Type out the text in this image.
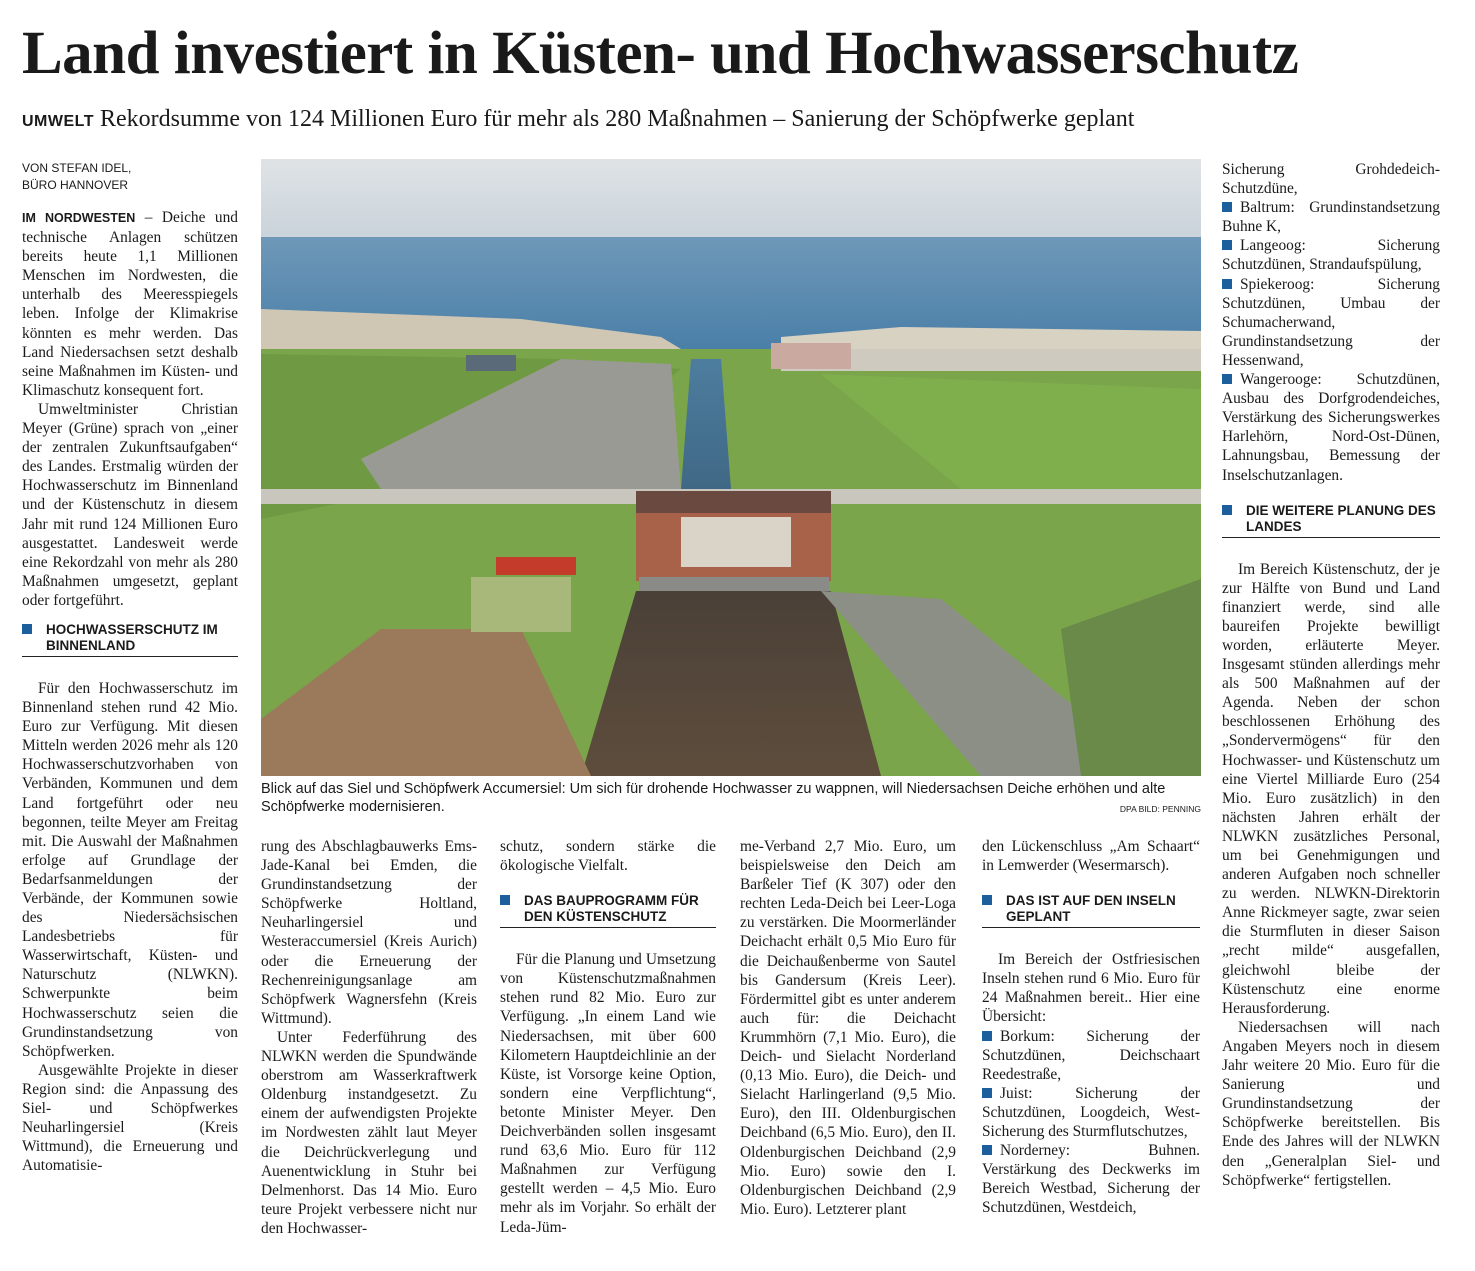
Land investiert in Küsten- und Hochwasserschutz
UMWELT Rekordsumme von 124 Millionen Euro für mehr als 280 Maßnahmen – Sanierung der Schöpfwerke geplant
VON STEFAN IDEL,
BÜRO HANNOVER

IM NORDWESTEN – Deiche und technische Anlagen schützen bereits heute 1,1 Millionen Menschen im Nordwesten, die unterhalb des Meeresspiegels leben. Infolge der Klimakrise könnten es mehr werden. Das Land Niedersachsen setzt deshalb seine Maßnahmen im Küsten- und Klimaschutz konsequent fort.

Umweltminister Christian Meyer (Grüne) sprach von „einer der zentralen Zukunftsaufgaben“ des Landes. Erstmalig würden der Hochwasserschutz im Binnenland und der Küstenschutz in diesem Jahr mit rund 124 Millionen Euro ausgestattet. Landesweit werde eine Rekordzahl von mehr als 280 Maßnahmen umgesetzt, geplant oder fortgeführt.

HOCHWASSERSCHUTZ IM BINNENLAND

Für den Hochwasserschutz im Binnenland stehen rund 42 Mio. Euro zur Verfügung. Mit diesen Mitteln werden 2026 mehr als 120 Hochwasserschutzvorhaben von Verbänden, Kommunen und dem Land fortgeführt oder neu begonnen, teilte Meyer am Freitag mit. Die Auswahl der Maßnahmen erfolge auf Grundlage der Bedarfsanmeldungen der Verbände, der Kommunen sowie des Niedersächsischen Landesbetriebs für Wasserwirtschaft, Küsten- und Naturschutz (NLWKN). Schwerpunkte beim Hochwasserschutz seien die Grundinstandsetzung von Schöpfwerken.

Ausgewählte Projekte in dieser Region sind: die Anpassung des Siel- und Schöpfwerkes Neuharlingersiel (Kreis Wittmund), die Erneuerung und Automatisie-

Blick auf das Siel und Schöpfwerk Accumersiel: Um sich für drohende Hochwasser zu wappnen, will Niedersachsen Deiche erhöhen und alte Schöpfwerke modernisieren.	DPA BILD: PENNING

rung des Abschlagbauwerks Ems-Jade-Kanal bei Emden, die Grundinstandsetzung der Schöpfwerke Holtland, Neuharlingersiel und Westeraccumersiel (Kreis Aurich) oder die Erneuerung der Rechenreinigungsanlage am Schöpfwerk Wagnersfehn (Kreis Wittmund).

Unter Federführung des NLWKN werden die Spundwände oberstrom am Wasserkraftwerk Oldenburg instandgesetzt. Zu einem der aufwendigsten Projekte im Nordwesten zählt laut Meyer die Deichrückverlegung und Auenentwicklung in Stuhr bei Delmenhorst. Das 14 Mio. Euro teure Projekt verbessere nicht nur den Hochwasser-

schutz, sondern stärke die ökologische Vielfalt.

DAS BAUPROGRAMM FÜR DEN KÜSTENSCHUTZ

Für die Planung und Umsetzung von Küstenschutzmaßnahmen stehen rund 82 Mio. Euro zur Verfügung. „In einem Land wie Niedersachsen, mit über 600 Kilometern Hauptdeichlinie an der Küste, ist Vorsorge keine Option, sondern eine Verpflichtung“, betonte Minister Meyer. Den Deichverbänden sollen insgesamt rund 63,6 Mio. Euro für 112 Maßnahmen zur Verfügung gestellt werden – 4,5 Mio. Euro mehr als im Vorjahr. So erhält der Leda-Jüm-

me-Verband 2,7 Mio. Euro, um beispielsweise den Deich am Barßeler Tief (K 307) oder den rechten Leda-Deich bei Leer-Loga zu verstärken. Die Moormerländer Deichacht erhält 0,5 Mio Euro für die Deichaußenberme von Sautel bis Gandersum (Kreis Leer). Fördermittel gibt es unter anderem auch für: die Deichacht Krummhörn (7,1 Mio. Euro), die Deich- und Sielacht Norderland (0,13 Mio. Euro), die Deich- und Sielacht Harlingerland (9,5 Mio. Euro), den III. Oldenburgischen Deichband (6,5 Mio. Euro), den II. Oldenburgischen Deichband (2,9 Mio. Euro) sowie den I. Oldenburgischen Deichband (2,9 Mio. Euro). Letzterer plant

den Lückenschluss „Am Schaart“ in Lemwerder (Wesermarsch).

DAS IST AUF DEN INSELN GEPLANT

Im Bereich der Ostfriesischen Inseln stehen rund 6 Mio. Euro für 24 Maßnahmen bereit.. Hier eine Übersicht:

Borkum: Sicherung der Schutzdünen, Deichschaart Reedestraße,

Juist: Sicherung der Schutzdünen, Loogdeich, West-Sicherung des Sturmflutschutzes,

Norderney: Buhnen. Verstärkung des Deckwerks im Bereich Westbad, Sicherung der Schutzdünen, Westdeich,

Sicherung Grohdedeich-Schutzdüne,

Baltrum: Grundinstandsetzung Buhne K,

Langeoog: Sicherung Schutzdünen, Strandaufspülung,

Spiekeroog: Sicherung Schutzdünen, Umbau der Schumacherwand, Grundinstandsetzung der Hessenwand,

Wangerooge: Schutzdünen, Ausbau des Dorfgrodendeiches, Verstärkung des Sicherungswerkes Harlehörn, Nord-Ost-Dünen, Lahnungsbau, Bemessung der Inselschutzanlagen.

DIE WEITERE PLANUNG DES LANDES

Im Bereich Küstenschutz, der je zur Hälfte von Bund und Land finanziert werde, sind alle baureifen Projekte bewilligt worden, erläuterte Meyer. Insgesamt stünden allerdings mehr als 500 Maßnahmen auf der Agenda. Neben der schon beschlossenen Erhöhung des „Sondervermögens“ für den Hochwasser- und Küstenschutz um eine Viertel Milliarde Euro (254 Mio. Euro zusätzlich) in den nächsten Jahren erhält der NLWKN zusätzliches Personal, um bei Genehmigungen und anderen Aufgaben noch schneller zu werden. NLWKN-Direktorin Anne Rickmeyer sagte, zwar seien die Sturmfluten in dieser Saison „recht milde“ ausgefallen, gleichwohl bleibe der Küstenschutz eine enorme Herausforderung.

Niedersachsen will nach Angaben Meyers noch in diesem Jahr weitere 20 Mio. Euro für die Sanierung und Grundinstandsetzung der Schöpfwerke bereitstellen. Bis Ende des Jahres will der NLWKN den „Generalplan Siel- und Schöpfwerke“ fertigstellen.
